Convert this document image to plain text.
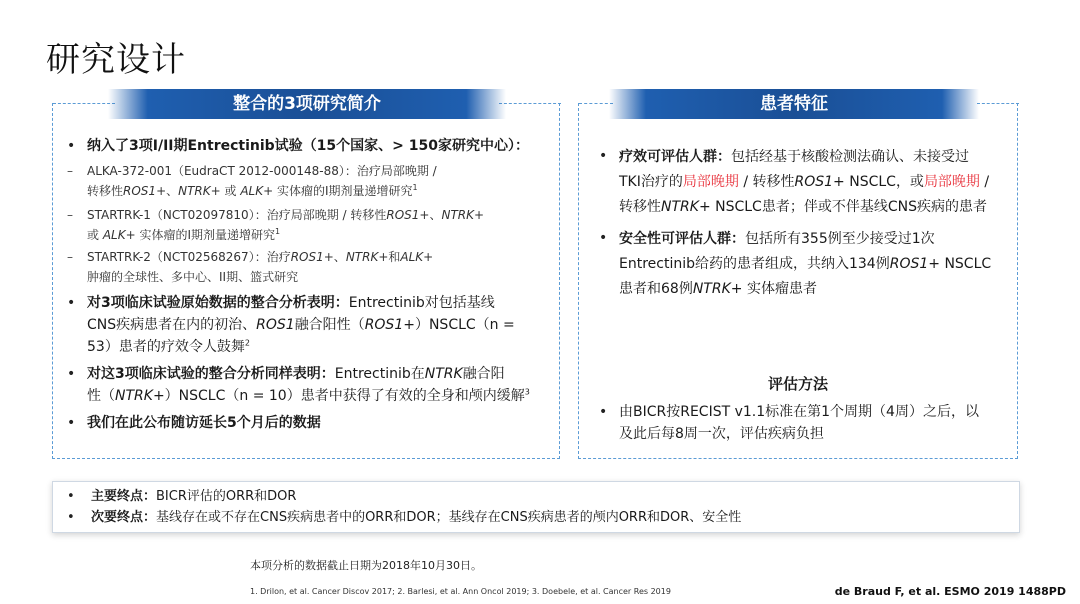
研究设计
整合的3项研究简介
• 纳入了3项I/II期Entrectinib试验（15个国家、> 150家研究中心）：
–	ALKA-372-001（EudraCT 2012-000148-88）：治疗局部晚期 /
转移性ROS1+、NTRK+ 或 ALK+ 实体瘤的I期剂量递增研究$^1$
–	STARTRK-1（NCT02097810）：治疗局部晚期 / 转移性ROS1+、NTRK+
或 ALK+ 实体瘤的I期剂量递增研究$^1$
–	STARTRK-2（NCT02568267）：治疗ROS1+、NTRK+和ALK+
肿瘤的全球性、多中心、II期、篮式研究
• 对3项临床试验原始数据的整合分析表明：Entrectinib对包括基线
CNS疾病患者在内的初治、ROS1融合阳性（ROS1+）NSCLC（n =
53）患者的疗效令人鼓舞$^2$
• 对这3项临床试验的整合分析同样表明：Entrectinib在NTRK融合阳
性（NTRK+）NSCLC（n = 10）患者中获得了有效的全身和颅内缓解$^3$
• 我们在此公布随访延长5个月后的数据
患者特征
• 疗效可评估人群：包括经基于核酸检测法确认、未接受过
TKI治疗的局部晚期 / 转移性ROS1+ NSCLC，或局部晚期 /
转移性NTRK+ NSCLC患者；伴或不伴基线CNS疾病的患者
• 安全性可评估人群：包括所有355例至少接受过1次
Entrectinib给药的患者组成，共纳入134例ROS1+ NSCLC
患者和68例NTRK+ 实体瘤患者
评估方法
• 由BICR按RECIST v1.1标准在第1个周期（4周）之后，以
及此后每8周一次，评估疾病负担
•	主要终点： BICR评估的ORR和DOR
•	次要终点： 基线存在或不存在CNS疾病患者中的ORR和DOR；基线存在CNS疾病患者的颅内ORR和DOR、安全性
本项分析的数据截止日期为2018年10月30日。
1. Drilon, et al. Cancer Discov 2017; 2. Barlesi, et al. Ann Oncol 2019; 3. Doebele, et al. Cancer Res 2019	de Braud F, et al. ESMO 2019 1488PD
